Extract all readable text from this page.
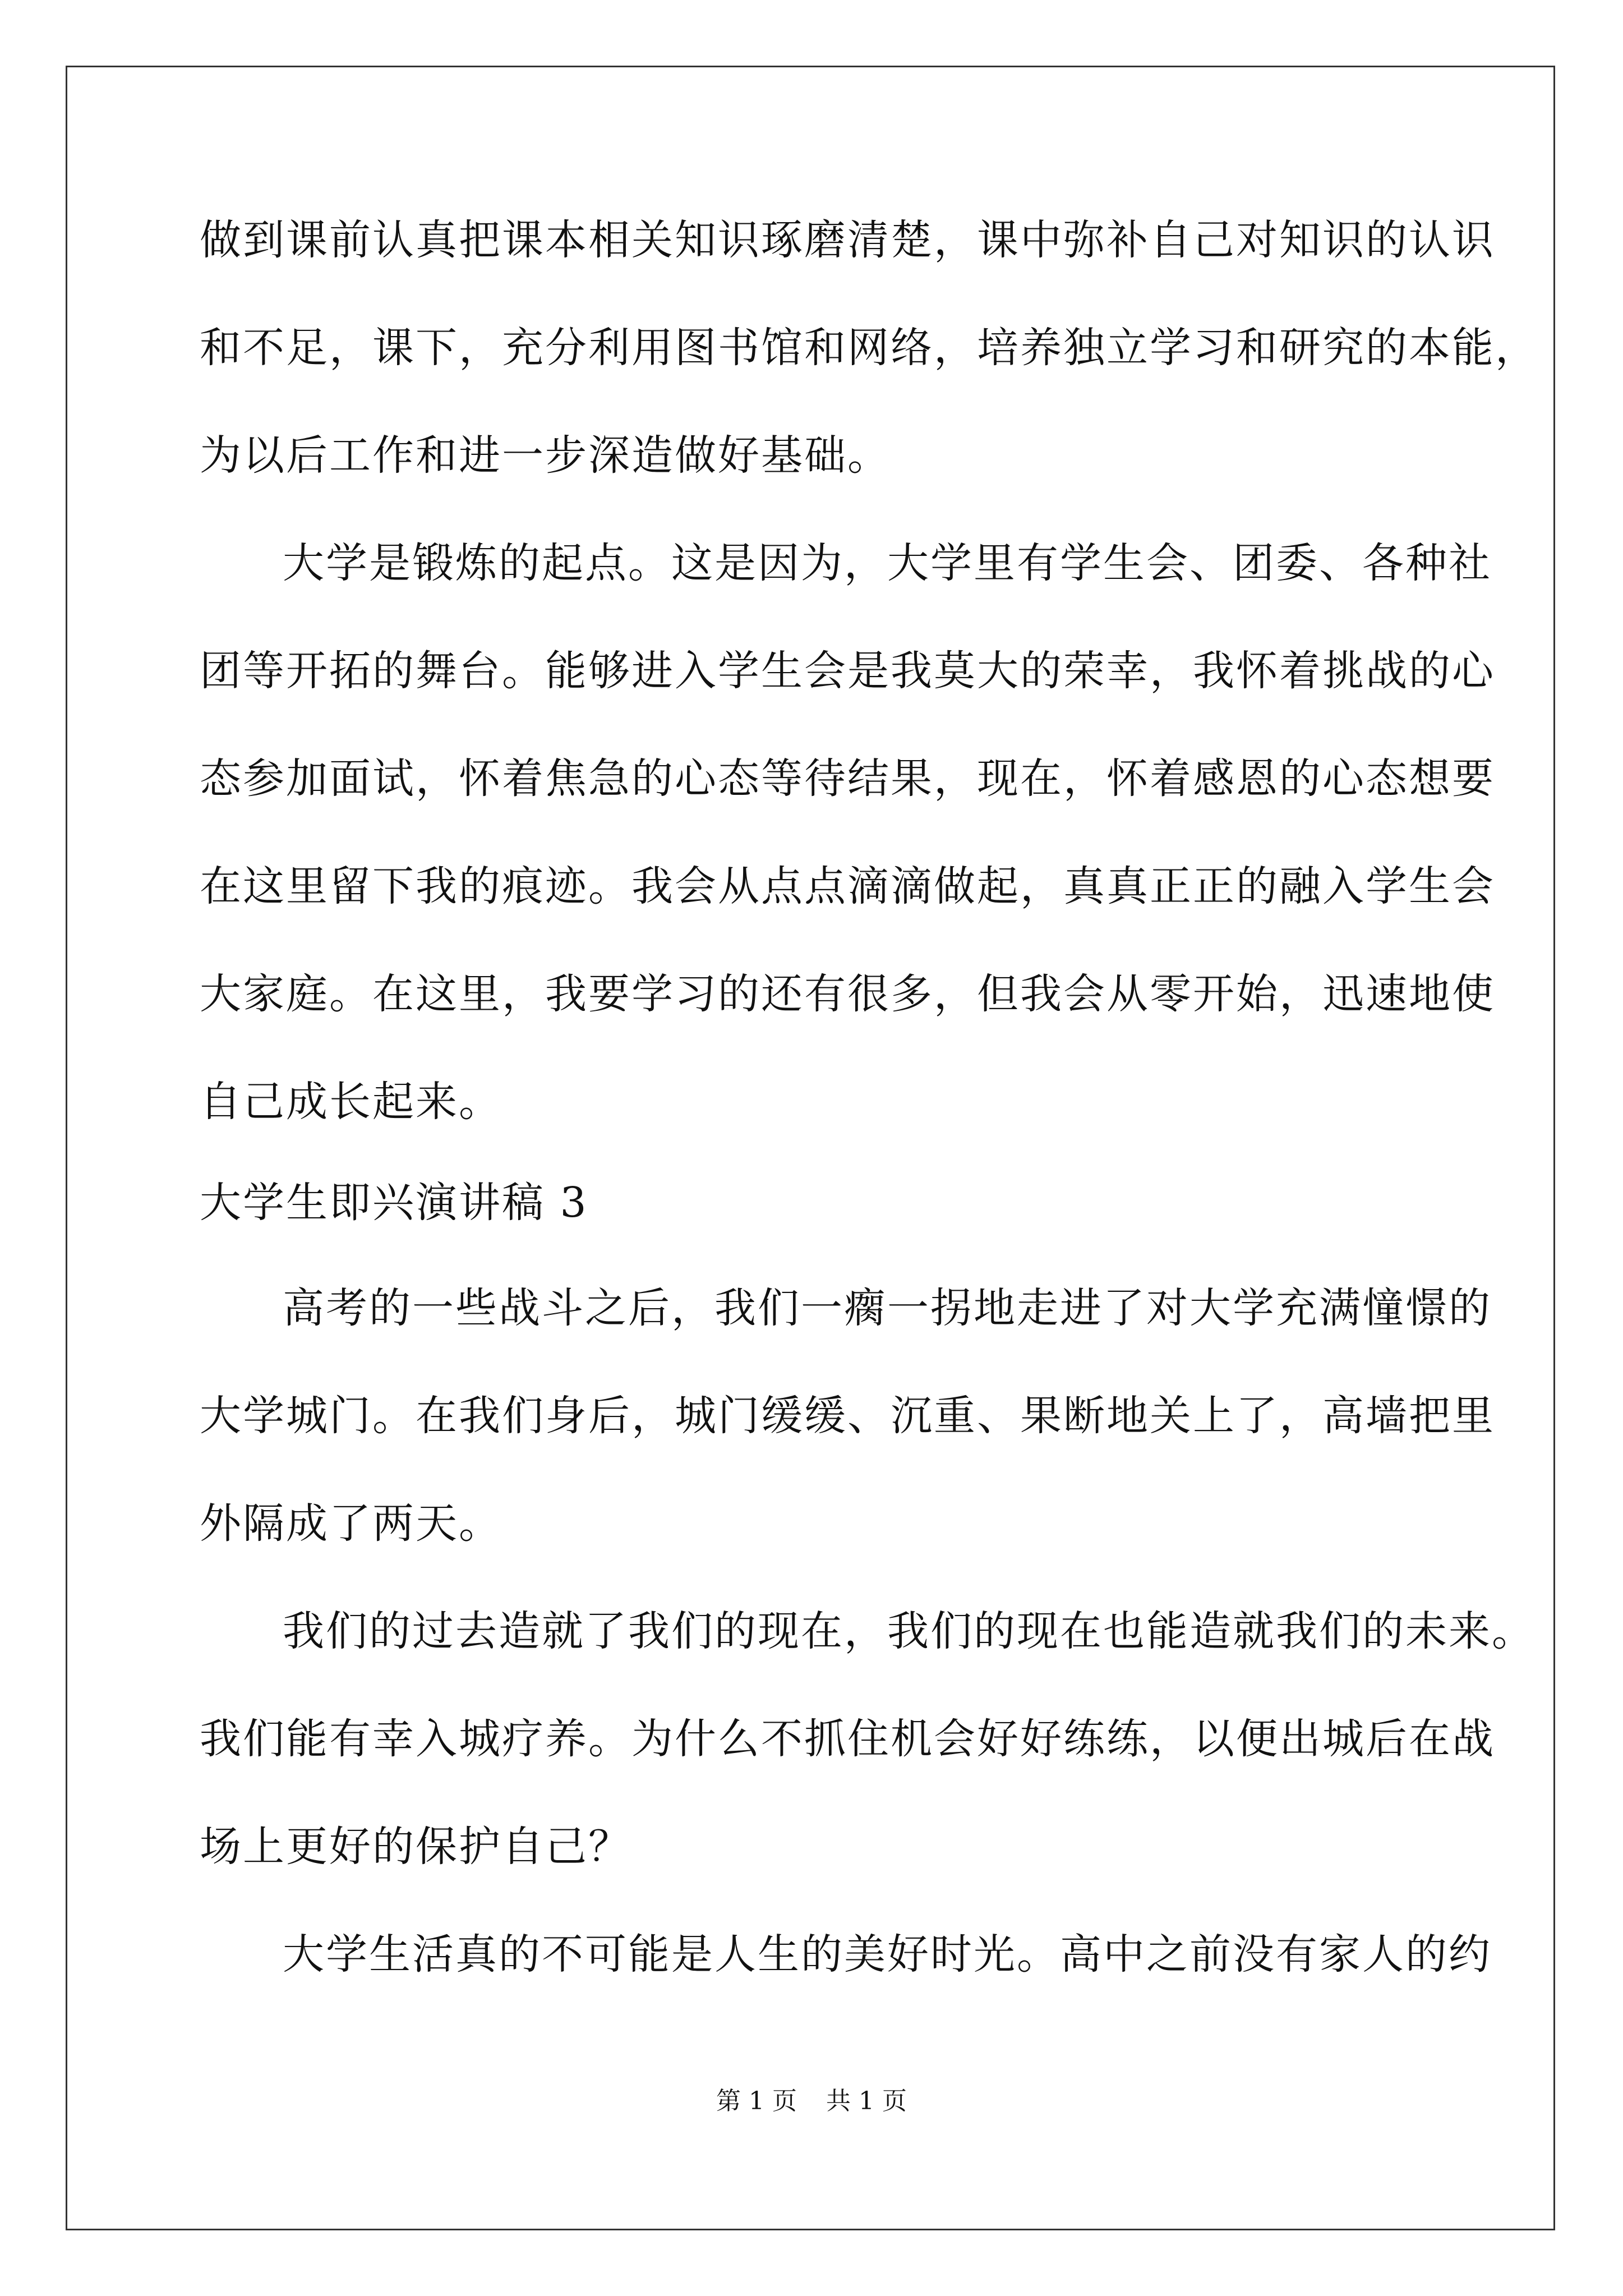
做到课前认真把课本相关知识琢磨清楚，课中弥补自己对知识的认识
和不足，课下，充分利用图书馆和网络，培养独立学习和研究的本能，
为以后工作和进一步深造做好基础。
大学是锻炼的起点。这是因为，大学里有学生会、团委、各种社
团等开拓的舞台。能够进入学生会是我莫大的荣幸，我怀着挑战的心
态参加面试，怀着焦急的心态等待结果，现在，怀着感恩的心态想要
在这里留下我的痕迹。我会从点点滴滴做起，真真正正的融入学生会
大家庭。在这里，我要学习的还有很多，但我会从零开始，迅速地使
自己成长起来。
大学生即兴演讲稿 3
高考的一些战斗之后，我们一瘸一拐地走进了对大学充满憧憬的
大学城门。在我们身后，城门缓缓、沉重、果断地关上了，高墙把里
外隔成了两天。
我们的过去造就了我们的现在，我们的现在也能造就我们的未来。
我们能有幸入城疗养。为什么不抓住机会好好练练，以便出城后在战
场上更好的保护自己？
大学生活真的不可能是人生的美好时光。高中之前没有家人的约
第 1 页 共 1 页
